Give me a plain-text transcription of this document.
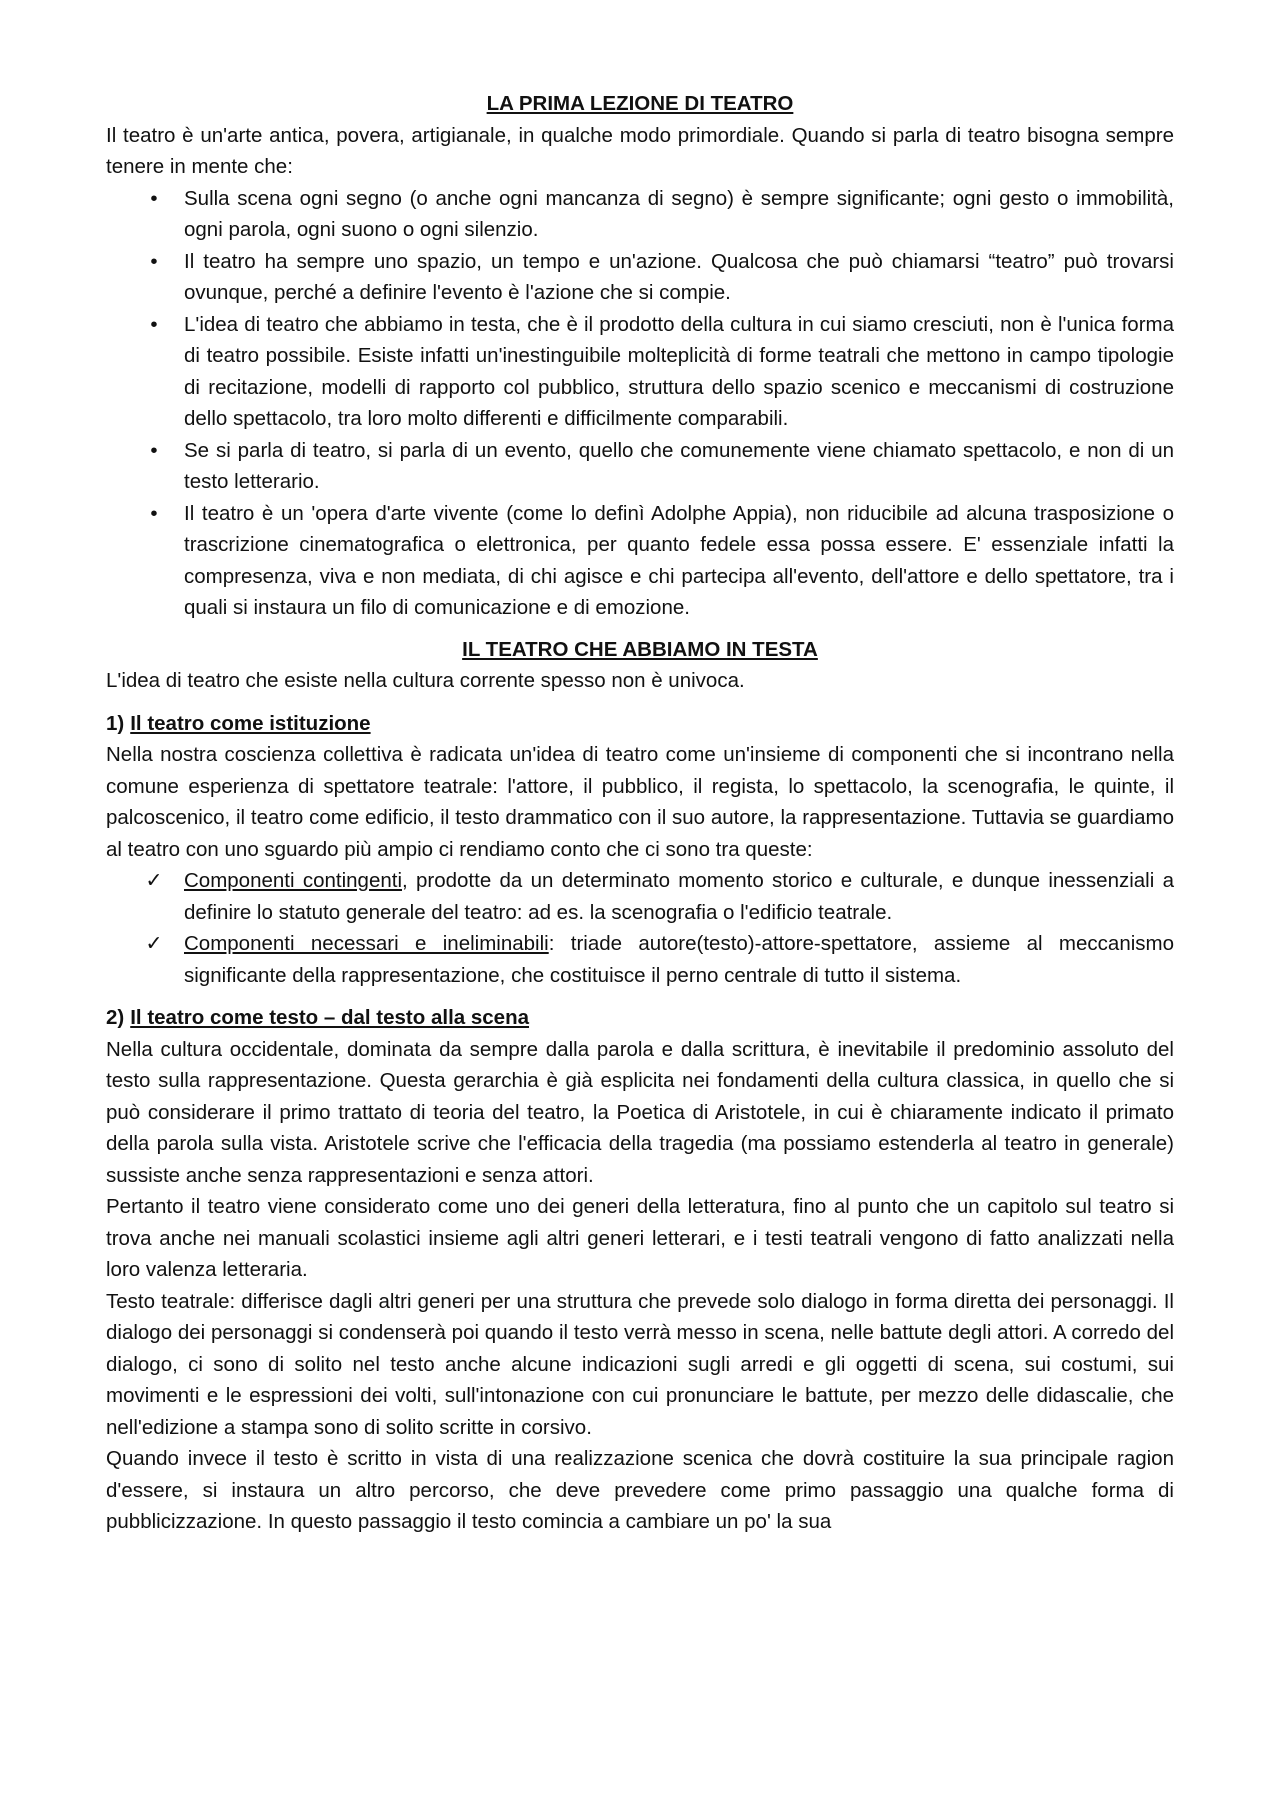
LA PRIMA LEZIONE DI TEATRO

Il teatro è un'arte antica, povera, artigianale, in qualche modo primordiale. Quando si parla di teatro bisogna sempre tenere in mente che:

•	Sulla scena ogni segno (o anche ogni mancanza di segno) è sempre significante; ogni gesto o immobilità, ogni parola, ogni suono o ogni silenzio.
•	Il teatro ha sempre uno spazio, un tempo e un'azione. Qualcosa che può chiamarsi “teatro” può trovarsi ovunque, perché a definire l'evento è l'azione che si compie.
•	L'idea di teatro che abbiamo in testa, che è il prodotto della cultura in cui siamo cresciuti, non è l'unica forma di teatro possibile. Esiste infatti un'inestinguibile molteplicità di forme teatrali che mettono in campo tipologie di recitazione, modelli di rapporto col pubblico, struttura dello spazio scenico e meccanismi di costruzione dello spettacolo, tra loro molto differenti e difficilmente comparabili.
•	Se si parla di teatro, si parla di un evento, quello che comunemente viene chiamato spettacolo, e non di un testo letterario.
•	Il teatro è un 'opera d'arte vivente (come lo definì Adolphe Appia), non riducibile ad alcuna trasposizione o trascrizione cinematografica o elettronica, per quanto fedele essa possa essere. E' essenziale infatti la compresenza, viva e non mediata, di chi agisce e chi partecipa all'evento, dell'attore e dello spettatore, tra i quali si instaura un filo di comunicazione e di emozione.

IL TEATRO CHE ABBIAMO IN TESTA

L'idea di teatro che esiste nella cultura corrente spesso non è univoca.

1) Il teatro come istituzione

Nella nostra coscienza collettiva è radicata un'idea di teatro come un'insieme di componenti che si incontrano nella comune esperienza di spettatore teatrale: l'attore, il pubblico, il regista, lo spettacolo, la scenografia, le quinte, il palcoscenico, il teatro come edificio, il testo drammatico con il suo autore, la rappresentazione. Tuttavia se guardiamo al teatro con uno sguardo più ampio ci rendiamo conto che ci sono tra queste:

✓ Componenti contingenti, prodotte da un determinato momento storico e culturale, e dunque inessenziali a definire lo statuto generale del teatro: ad es. la scenografia o l'edificio teatrale.
✓ Componenti necessari e ineliminabili: triade autore(testo)-attore-spettatore, assieme al meccanismo significante della rappresentazione, che costituisce il perno centrale di tutto il sistema.

2) Il teatro come testo – dal testo alla scena

Nella cultura occidentale, dominata da sempre dalla parola e dalla scrittura, è inevitabile il predominio assoluto del testo sulla rappresentazione. Questa gerarchia è già esplicita nei fondamenti della cultura classica, in quello che si può considerare il primo trattato di teoria del teatro, la Poetica di Aristotele, in cui è chiaramente indicato il primato della parola sulla vista. Aristotele scrive che l'efficacia della tragedia (ma possiamo estenderla al teatro in generale) sussiste anche senza rappresentazioni e senza attori.

Pertanto il teatro viene considerato come uno dei generi della letteratura, fino al punto che un capitolo sul teatro si trova anche nei manuali scolastici insieme agli altri generi letterari, e i testi teatrali vengono di fatto analizzati nella loro valenza letteraria.

Testo teatrale: differisce dagli altri generi per una struttura che prevede solo dialogo in forma diretta dei personaggi. Il dialogo dei personaggi si condenserà poi quando il testo verrà messo in scena, nelle battute degli attori. A corredo del dialogo, ci sono di solito nel testo anche alcune indicazioni sugli arredi e gli oggetti di scena, sui costumi, sui movimenti e le espressioni dei volti, sull'intonazione con cui pronunciare le battute, per mezzo delle didascalie, che nell'edizione a stampa sono di solito scritte in corsivo.

Quando invece il testo è scritto in vista di una realizzazione scenica che dovrà costituire la sua principale ragion d'essere, si instaura un altro percorso, che deve prevedere come primo passaggio una qualche forma di pubblicizzazione. In questo passaggio il testo comincia a cambiare un po' la sua
